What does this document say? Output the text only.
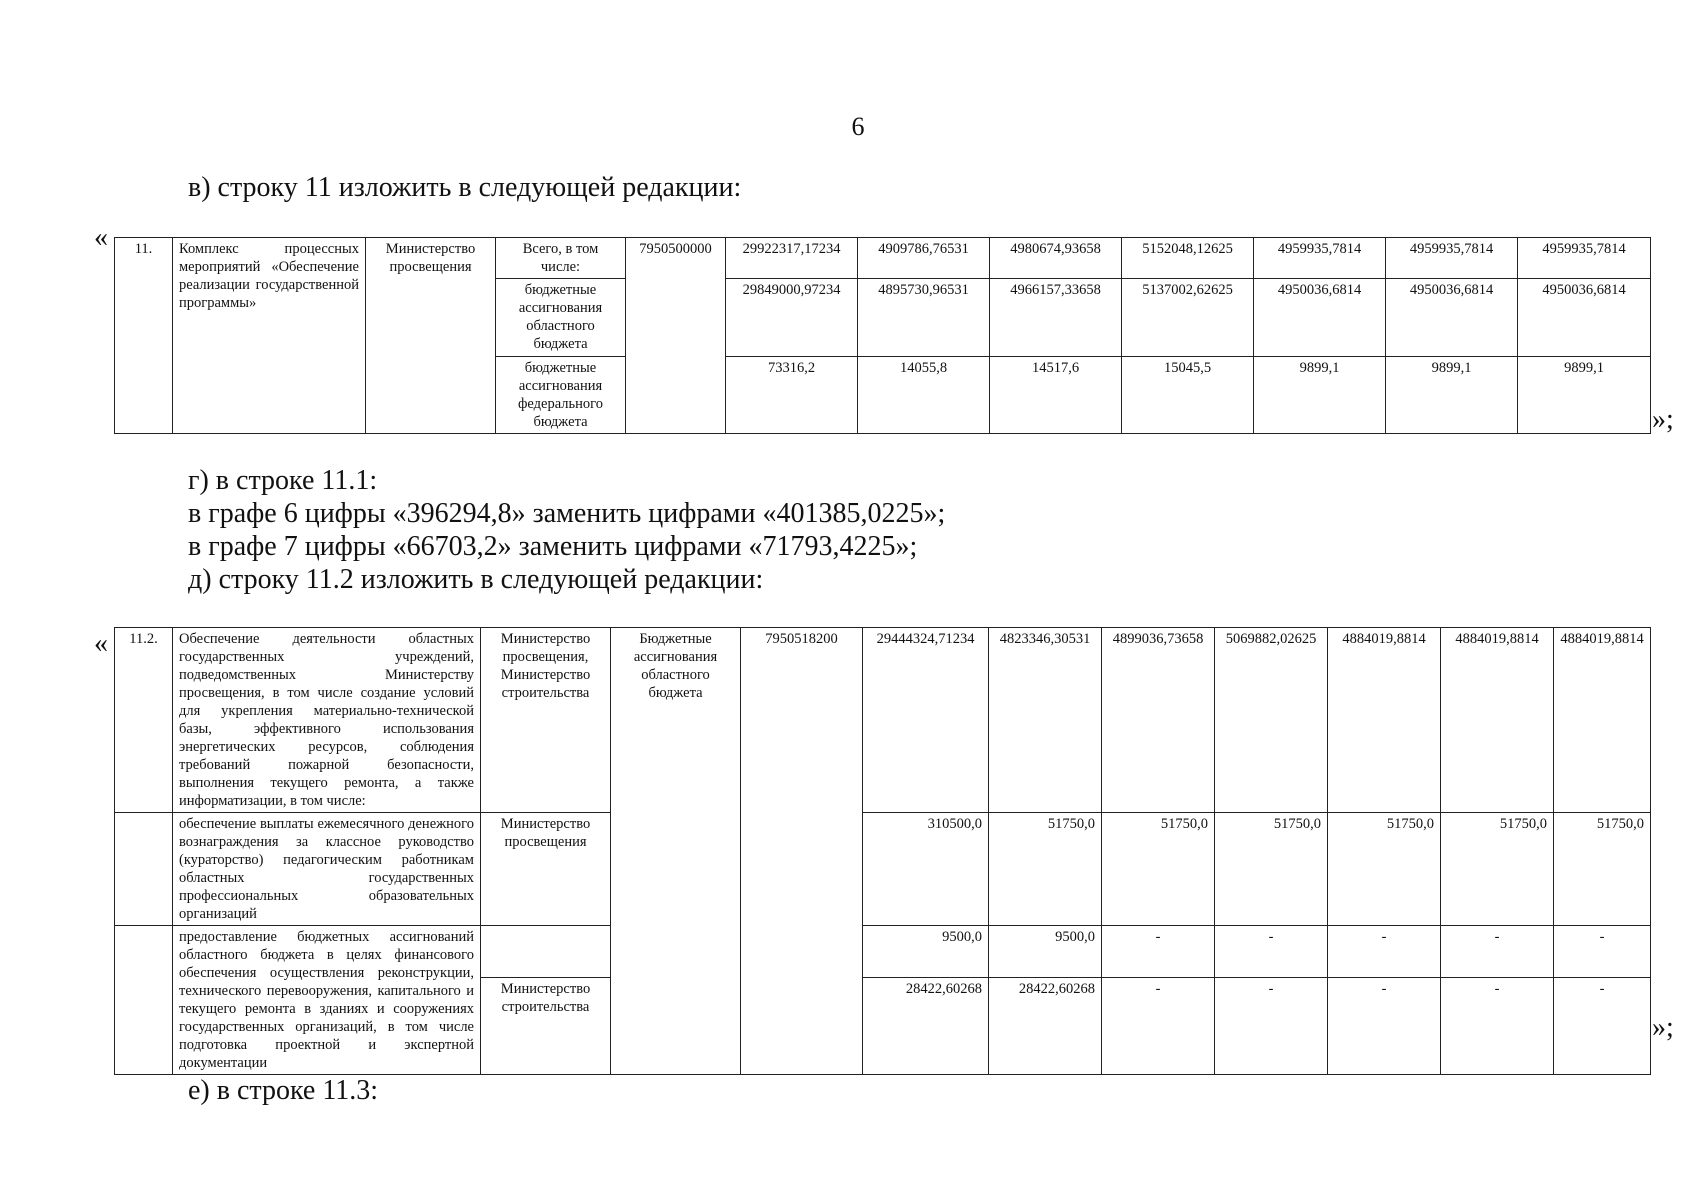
6
в) строку 11 изложить в следующей редакции:
« 11.	Комплекс процессных мероприятий «Обеспечение реализации государственной программы»	Министерство просвещения	Всего, в том числе:	7950500000	29922317,17234	4909786,76531	4980674,93658	5152048,12625	4959935,7814	4959935,7814	4959935,7814
			бюджетные ассигнования областного бюджета		29849000,97234	4895730,96531	4966157,33658	5137002,62625	4950036,6814	4950036,6814	4950036,6814
			бюджетные ассигнования федерального бюджета		73316,2	14055,8	14517,6	15045,5	9899,1	9899,1	9899,1
»;
г) в строке 11.1:
в графе 6 цифры «396294,8» заменить цифрами «401385,0225»;
в графе 7 цифры «66703,2» заменить цифрами «71793,4225»;
д) строку 11.2 изложить в следующей редакции:
« 11.2.	Обеспечение деятельности областных государственных учреждений, подведомственных Министерству просвещения, в том числе создание условий для укрепления материально-технической базы, эффективного использования энергетических ресурсов, соблюдения требований пожарной безопасности, выполнения текущего ремонта, а также информатизации, в том числе:	Министерство просвещения, Министерство строительства	Бюджетные ассигнования областного бюджета	7950518200	29444324,71234	4823346,30531	4899036,73658	5069882,02625	4884019,8814	4884019,8814	4884019,8814
	обеспечение выплаты ежемесячного денежного вознаграждения за классное руководство (кураторство) педагогическим работникам областных государственных профессиональных образовательных организаций	Министерство просвещения			310500,0	51750,0	51750,0	51750,0	51750,0	51750,0	51750,0
	предоставление бюджетных ассигнований областного бюджета в целях финансового обеспечения осуществления реконструкции, технического перевооружения, капитального и текущего ремонта в зданиях и сооружениях государственных организаций, в том числе подготовка проектной и экспертной документации				9500,0	9500,0	-	-	-	-	-
		Министерство строительства			28422,60268	28422,60268	-	-	-	-	-
»;
е) в строке 11.3:
